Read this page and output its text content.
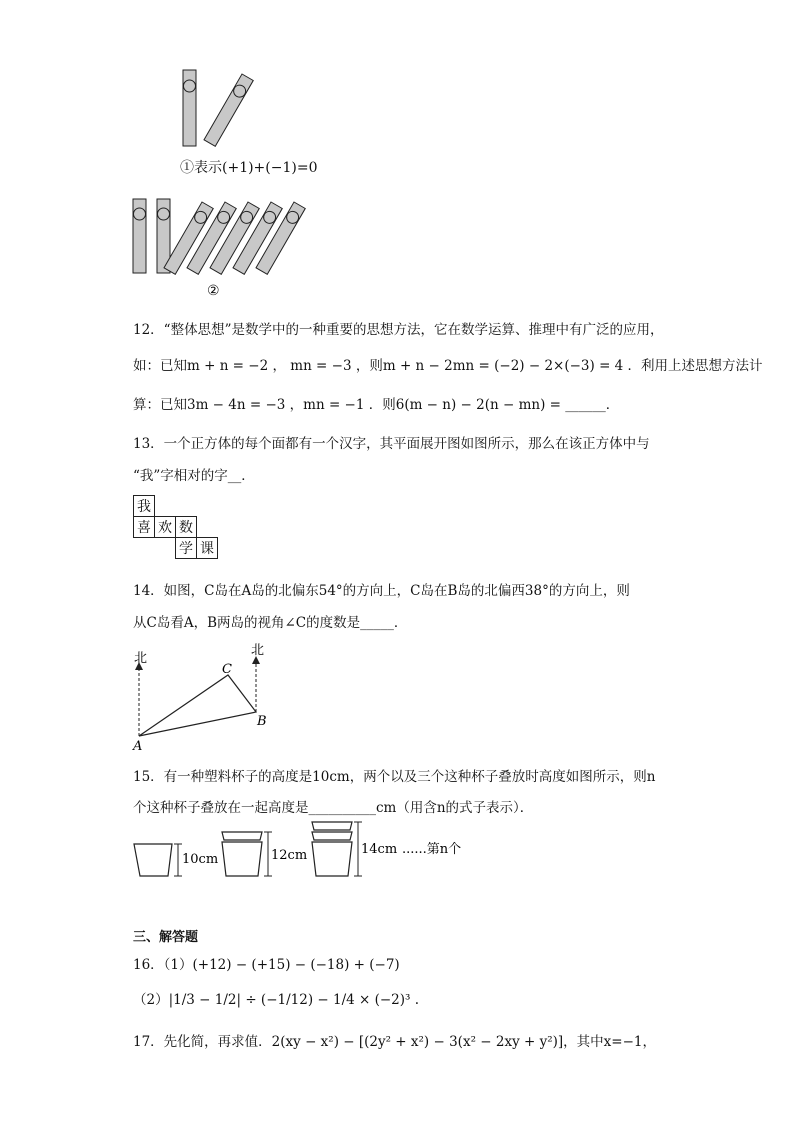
①表示(+1)+(−1)=0
②
12．“整体思想”是数学中的一种重要的思想方法，它在数学运算、推理中有广泛的应用，
如：已知m + n = −2 ， mn = −3 ，则m + n − 2mn = (−2) − 2×(−3) = 4 ．利用上述思想方法计
算：已知3m − 4n = −3 ，mn = −1 ．则6(m − n) − 2(n − mn) = ______．
13．一个正方体的每个面都有一个汉字，其平面展开图如图所示，那么在该正方体中与
“我”字相对的字__．
我				
喜	欢	数		
		学	课	
14．如图，C岛在A岛的北偏东54°的方向上，C岛在B岛的北偏西38°的方向上，则
从C岛看A，B两岛的视角∠C的度数是_____．
北
北
A
B
C
15．有一种塑料杯子的高度是10cm，两个以及三个这种杯子叠放时高度如图所示，则n
个这种杯子叠放在一起高度是__________cm（用含n的式子表示）．
10cm	12cm	14cm ......第n个
三、解答题
16．（1）(+12) − (+15) − (−18) + (−7)
（2）|1/3 − 1/2| ÷ (−1/12) − 1/4 × (−2)³ .
17．先化简，再求值．2(xy − x²) − [(2y² + x²) − 3(x² − 2xy + y²)]，其中x=−1，
